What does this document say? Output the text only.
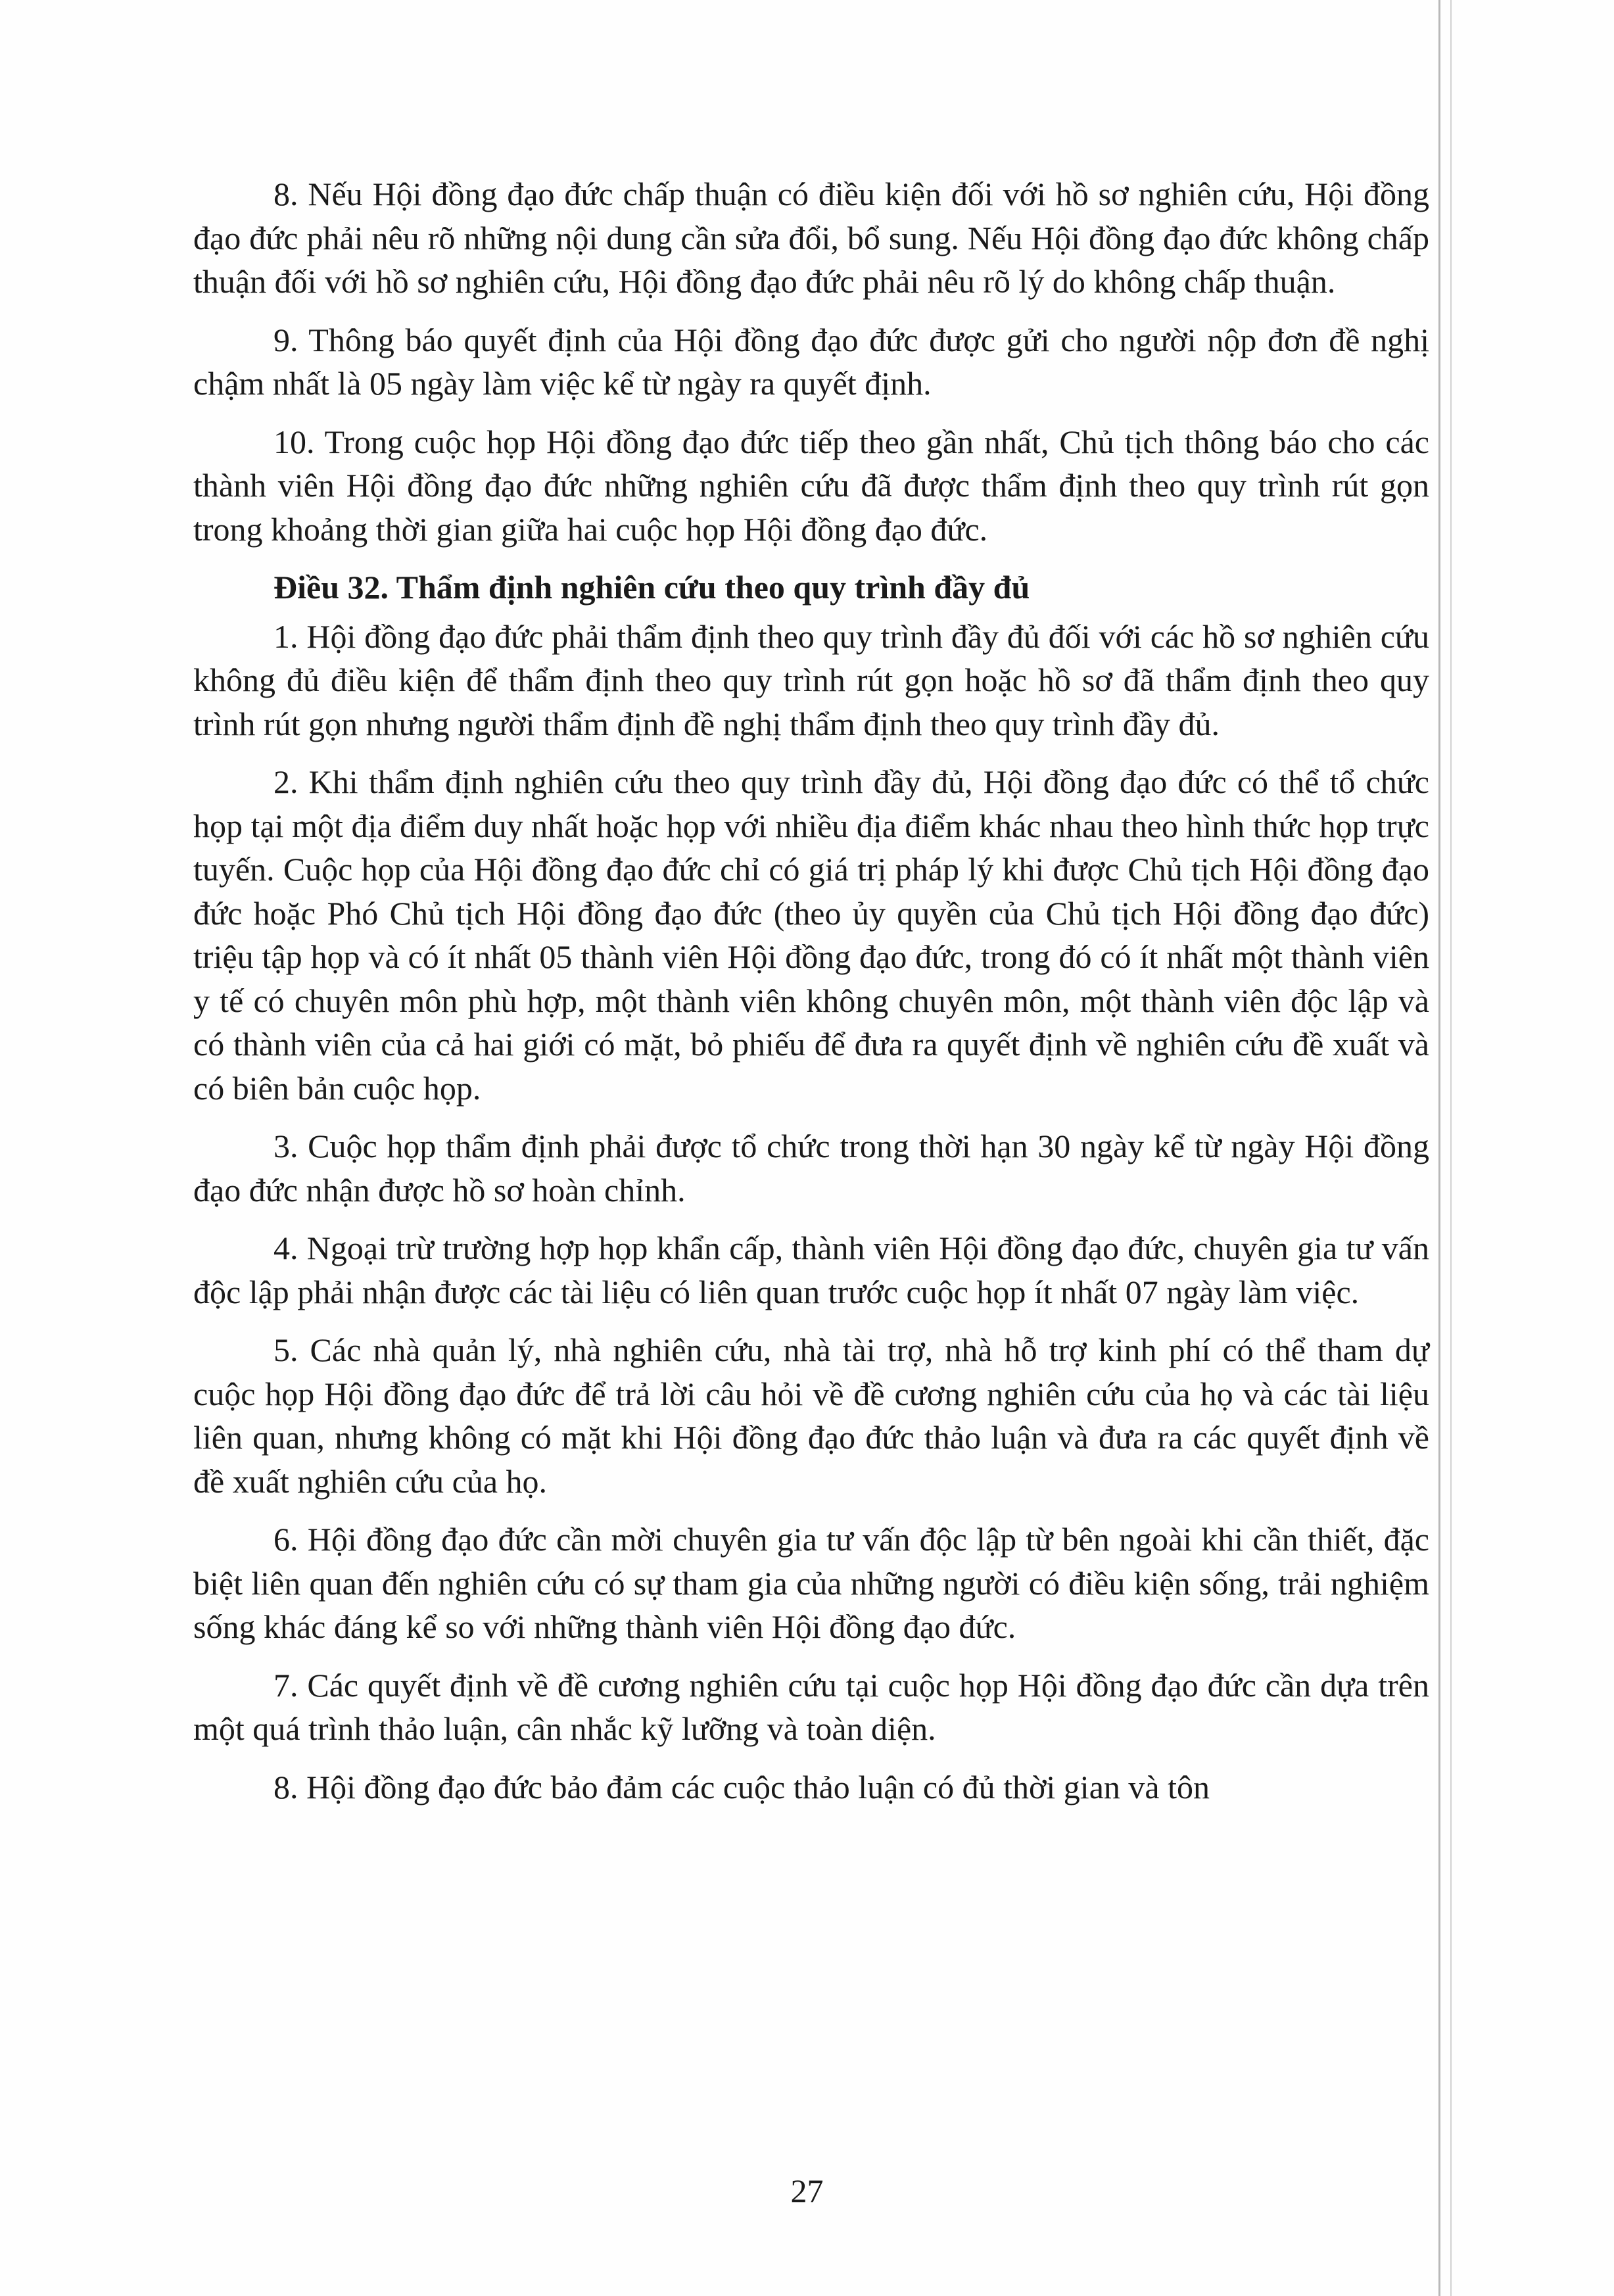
8. Nếu Hội đồng đạo đức chấp thuận có điều kiện đối với hồ sơ nghiên cứu, Hội đồng đạo đức phải nêu rõ những nội dung cần sửa đổi, bổ sung. Nếu Hội đồng đạo đức không chấp thuận đối với hồ sơ nghiên cứu, Hội đồng đạo đức phải nêu rõ lý do không chấp thuận.

9. Thông báo quyết định của Hội đồng đạo đức được gửi cho người nộp đơn đề nghị chậm nhất là 05 ngày làm việc kể từ ngày ra quyết định.

10. Trong cuộc họp Hội đồng đạo đức tiếp theo gần nhất, Chủ tịch thông báo cho các thành viên Hội đồng đạo đức những nghiên cứu đã được thẩm định theo quy trình rút gọn trong khoảng thời gian giữa hai cuộc họp Hội đồng đạo đức.

Điều 32. Thẩm định nghiên cứu theo quy trình đầy đủ

1. Hội đồng đạo đức phải thẩm định theo quy trình đầy đủ đối với các hồ sơ nghiên cứu không đủ điều kiện để thẩm định theo quy trình rút gọn hoặc hồ sơ đã thẩm định theo quy trình rút gọn nhưng người thẩm định đề nghị thẩm định theo quy trình đầy đủ.

2. Khi thẩm định nghiên cứu theo quy trình đầy đủ, Hội đồng đạo đức có thể tổ chức họp tại một địa điểm duy nhất hoặc họp với nhiều địa điểm khác nhau theo hình thức họp trực tuyến. Cuộc họp của Hội đồng đạo đức chỉ có giá trị pháp lý khi được Chủ tịch Hội đồng đạo đức hoặc Phó Chủ tịch Hội đồng đạo đức (theo ủy quyền của Chủ tịch Hội đồng đạo đức) triệu tập họp và có ít nhất 05 thành viên Hội đồng đạo đức, trong đó có ít nhất một thành viên y tế có chuyên môn phù hợp, một thành viên không chuyên môn, một thành viên độc lập và có thành viên của cả hai giới có mặt, bỏ phiếu để đưa ra quyết định về nghiên cứu đề xuất và có biên bản cuộc họp.

3. Cuộc họp thẩm định phải được tổ chức trong thời hạn 30 ngày kể từ ngày Hội đồng đạo đức nhận được hồ sơ hoàn chỉnh.

4. Ngoại trừ trường hợp họp khẩn cấp, thành viên Hội đồng đạo đức, chuyên gia tư vấn độc lập phải nhận được các tài liệu có liên quan trước cuộc họp ít nhất 07 ngày làm việc.

5. Các nhà quản lý, nhà nghiên cứu, nhà tài trợ, nhà hỗ trợ kinh phí có thể tham dự cuộc họp Hội đồng đạo đức để trả lời câu hỏi về đề cương nghiên cứu của họ và các tài liệu liên quan, nhưng không có mặt khi Hội đồng đạo đức thảo luận và đưa ra các quyết định về đề xuất nghiên cứu của họ.

6. Hội đồng đạo đức cần mời chuyên gia tư vấn độc lập từ bên ngoài khi cần thiết, đặc biệt liên quan đến nghiên cứu có sự tham gia của những người có điều kiện sống, trải nghiệm sống khác đáng kể so với những thành viên Hội đồng đạo đức.

7. Các quyết định về đề cương nghiên cứu tại cuộc họp Hội đồng đạo đức cần dựa trên một quá trình thảo luận, cân nhắc kỹ lưỡng và toàn diện.

8. Hội đồng đạo đức bảo đảm các cuộc thảo luận có đủ thời gian và tôn

27
